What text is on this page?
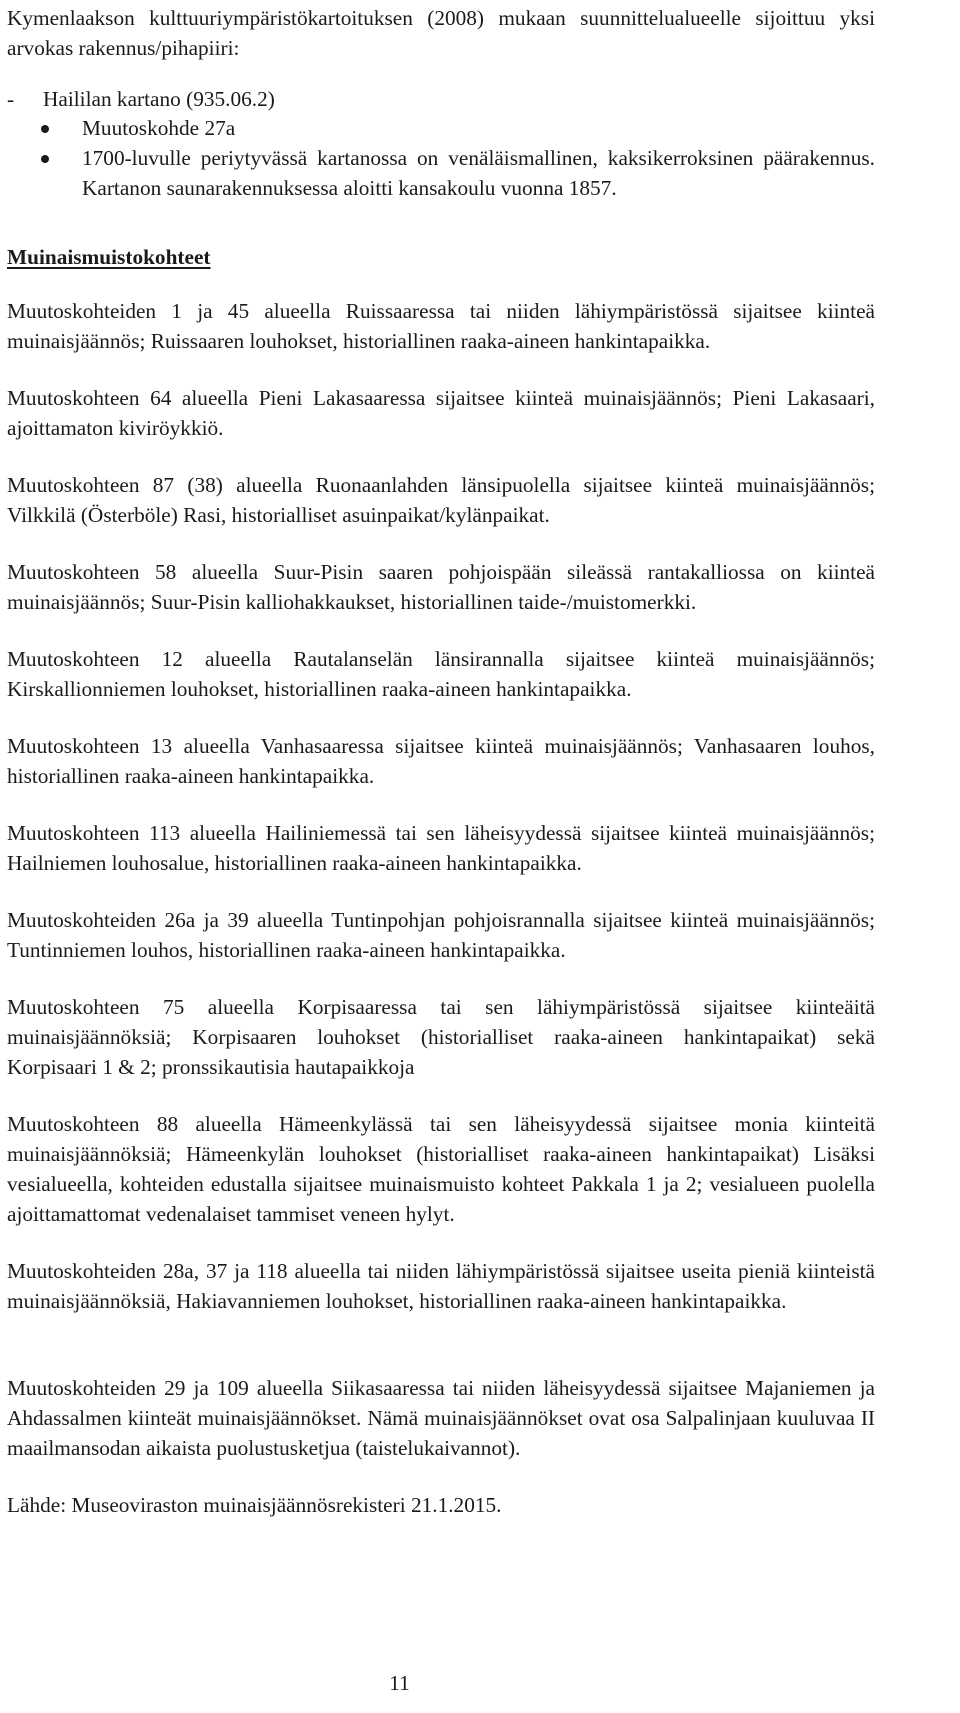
Kymenlaakson kulttuuriympäristökartoituksen (2008) mukaan suunnittelualueelle sijoittuu yksi arvokas rakennus/pihapiiri:

- Haililan kartano (935.06.2)

Muutoskohde 27a
1700-luvulle periytyvässä kartanossa on venäläismallinen, kaksikerroksinen päärakennus. Kartanon saunarakennuksessa aloitti kansakoulu vuonna 1857.

Muinaismuistokohteet

Muutoskohteiden 1 ja 45 alueella Ruissaaressa tai niiden lähiympäristössä sijaitsee kiinteä muinaisjäännös; Ruissaaren louhokset, historiallinen raaka-aineen hankintapaikka.

Muutoskohteen 64 alueella Pieni Lakasaaressa sijaitsee kiinteä muinaisjäännös; Pieni Lakasaari, ajoittamaton kiviröykkiö.

Muutoskohteen 87 (38) alueella Ruonaanlahden länsipuolella sijaitsee kiinteä muinaisjäännös; Vilkkilä (Österböle) Rasi, historialliset asuinpaikat/kylänpaikat.

Muutoskohteen 58 alueella Suur-Pisin saaren pohjoispään sileässä rantakalliossa on kiinteä muinaisjäännös; Suur-Pisin kalliohakkaukset, historiallinen taide-/muistomerkki.

Muutoskohteen 12 alueella Rautalanselän länsirannalla sijaitsee kiinteä muinaisjäännös; Kirskallionniemen louhokset, historiallinen raaka-aineen hankintapaikka.

Muutoskohteen 13 alueella Vanhasaaressa sijaitsee kiinteä muinaisjäännös; Vanhasaaren louhos, historiallinen raaka-aineen hankintapaikka.

Muutoskohteen 113 alueella Hailiniemessä tai sen läheisyydessä sijaitsee kiinteä muinaisjäännös; Hailniemen louhosalue, historiallinen raaka-aineen hankintapaikka.

Muutoskohteiden 26a ja 39 alueella Tuntinpohjan pohjoisrannalla sijaitsee kiinteä muinaisjäännös; Tuntinniemen louhos, historiallinen raaka-aineen hankintapaikka.

Muutoskohteen 75 alueella Korpisaaressa tai sen lähiympäristössä sijaitsee kiinteäitä muinaisjäännöksiä; Korpisaaren louhokset (historialliset raaka-aineen hankintapaikat) sekä Korpisaari 1 & 2; pronssikautisia hautapaikkoja

Muutoskohteen 88 alueella Hämeenkylässä tai sen läheisyydessä sijaitsee monia kiinteitä muinaisjäännöksiä; Hämeenkylän louhokset (historialliset raaka-aineen hankintapaikat) Lisäksi vesialueella, kohteiden edustalla sijaitsee muinaismuisto kohteet Pakkala 1 ja 2; vesialueen puolella ajoittamattomat vedenalaiset tammiset veneen hylyt.

Muutoskohteiden 28a, 37 ja 118 alueella tai niiden lähiympäristössä sijaitsee useita pieniä kiinteistä muinaisjäännöksiä, Hakiavanniemen louhokset, historiallinen raaka-aineen hankintapaikka.

Muutoskohteiden 29 ja 109 alueella Siikasaaressa tai niiden läheisyydessä sijaitsee Majaniemen ja Ahdassalmen kiinteät muinaisjäännökset. Nämä muinaisjäännökset ovat osa Salpalinjaan kuuluvaa II maailmansodan aikaista puolustusketjua (taistelukaivannot).

Lähde: Museoviraston muinaisjäännösrekisteri 21.1.2015.

11
